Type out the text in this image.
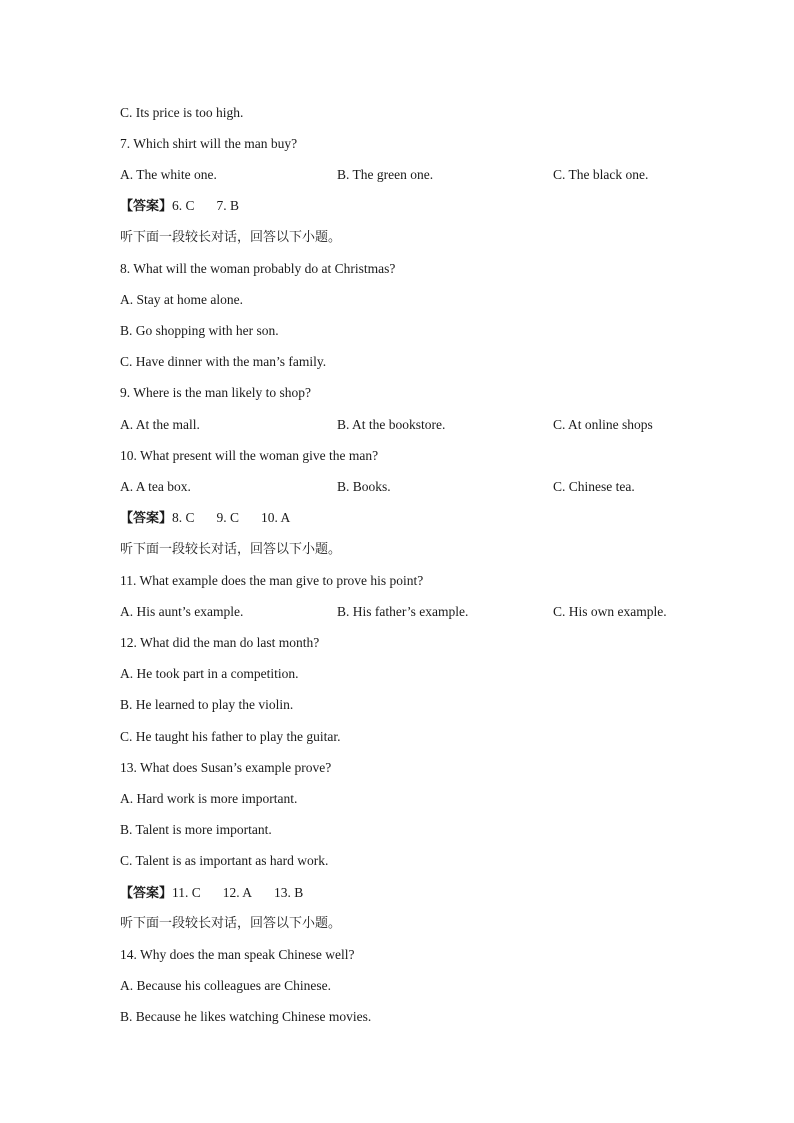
C. Its price is too high.
7. Which shirt will the man buy?
A. The white one.	B. The green one.	C. The black one.
【答案】6. C 7. B
听下面一段较长对话，回答以下小题。
8. What will the woman probably do at Christmas?
A. Stay at home alone.
B. Go shopping with her son.
C. Have dinner with the man’s family.
9. Where is the man likely to shop?
A. At the mall.	B. At the bookstore.	C. At online shops
10. What present will the woman give the man?
A. A tea box.	B. Books.	C. Chinese tea.
【答案】8. C 9. C 10. A
听下面一段较长对话，回答以下小题。
11. What example does the man give to prove his point?
A. His aunt’s example.	B. His father’s example.	C. His own example.
12. What did the man do last month?
A. He took part in a competition.
B. He learned to play the violin.
C. He taught his father to play the guitar.
13. What does Susan’s example prove?
A. Hard work is more important.
B. Talent is more important.
C. Talent is as important as hard work.
【答案】11. C 12. A 13. B
听下面一段较长对话，回答以下小题。
14. Why does the man speak Chinese well?
A. Because his colleagues are Chinese.
B. Because he likes watching Chinese movies.
